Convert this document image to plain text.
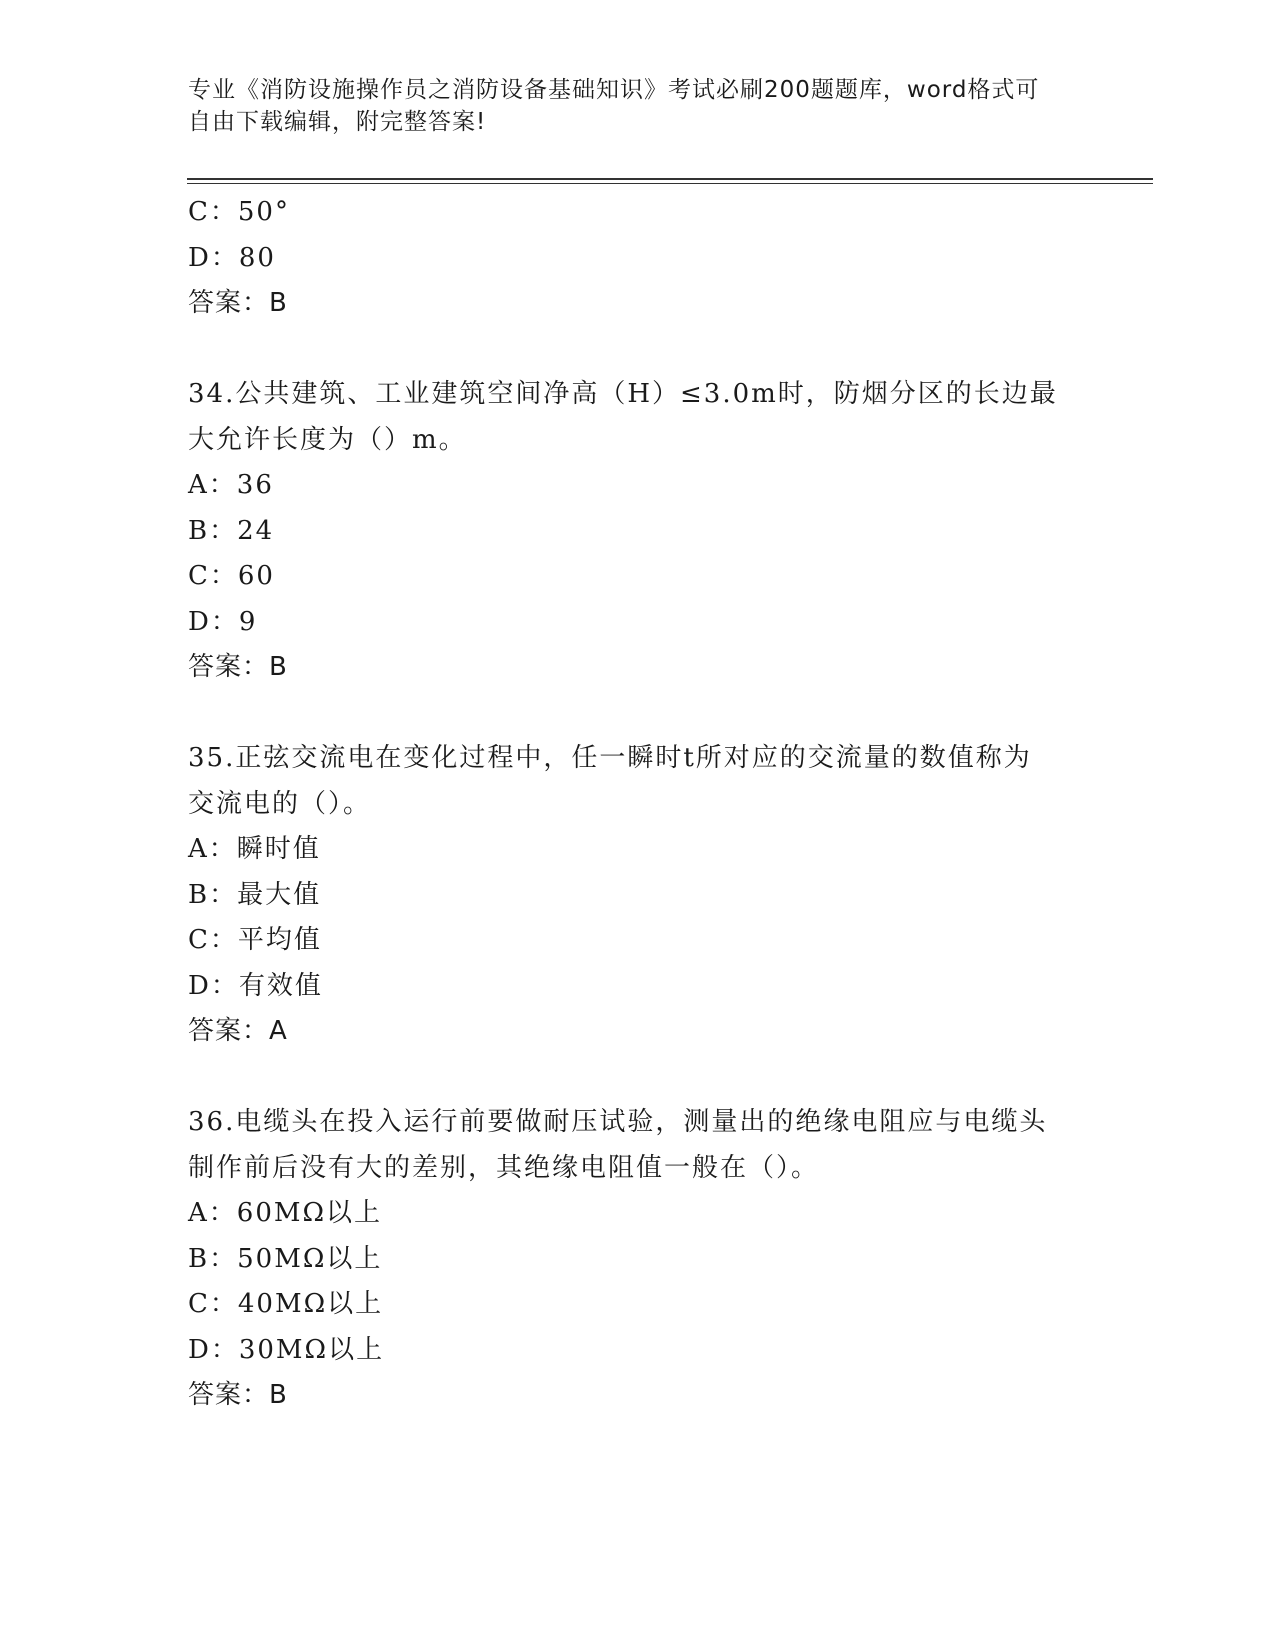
专业《消防设施操作员之消防设备基础知识》考试必刷200题题库，word格式可

自由下载编辑，附完整答案!

C：50°

D：80

答案：B

34.公共建筑、工业建筑空间净高（H）≤3.0m时，防烟分区的长边最

大允许长度为（）m。

A：36

B：24

C：60

D：9

答案：B

35.正弦交流电在变化过程中，任一瞬时t所对应的交流量的数值称为

交流电的（）。

A：瞬时值

B：最大值

C：平均值

D：有效值

答案：A

36.电缆头在投入运行前要做耐压试验，测量出的绝缘电阻应与电缆头

制作前后没有大的差别，其绝缘电阻值一般在（）。

A：60MΩ以上

B：50MΩ以上

C：40MΩ以上

D：30MΩ以上

答案：B
